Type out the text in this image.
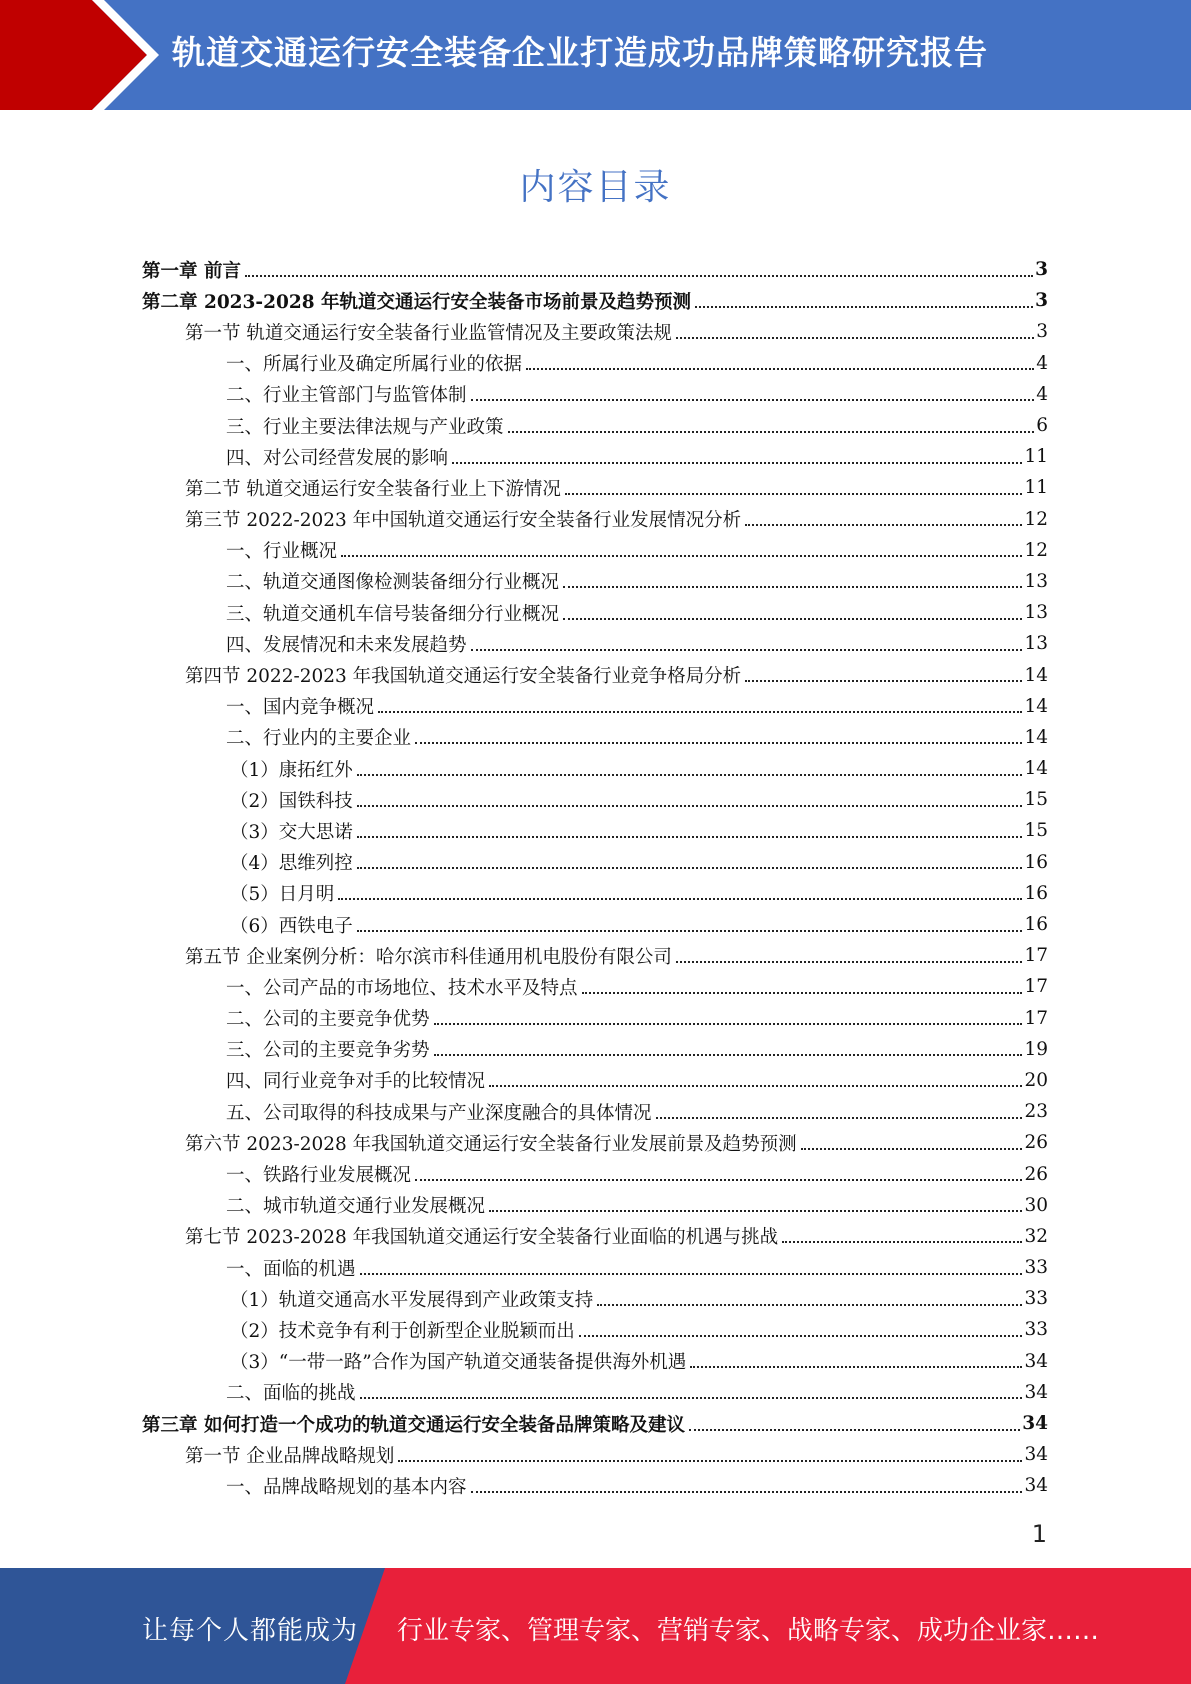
轨道交通运行安全装备企业打造成功品牌策略研究报告
内容目录
第一章 前言	3
第二章 2023-2028 年轨道交通运行安全装备市场前景及趋势预测	3
第一节 轨道交通运行安全装备行业监管情况及主要政策法规	3
一、所属行业及确定所属行业的依据	4
二、行业主管部门与监管体制	4
三、行业主要法律法规与产业政策	6
四、对公司经营发展的影响	11
第二节 轨道交通运行安全装备行业上下游情况	11
第三节 2022-2023 年中国轨道交通运行安全装备行业发展情况分析	12
一、行业概况	12
二、轨道交通图像检测装备细分行业概况	13
三、轨道交通机车信号装备细分行业概况	13
四、发展情况和未来发展趋势	13
第四节 2022-2023 年我国轨道交通运行安全装备行业竞争格局分析	14
一、国内竞争概况	14
二、行业内的主要企业	14
（1）康拓红外	14
（2）国铁科技	15
（3）交大思诺	15
（4）思维列控	16
（5）日月明	16
（6）西铁电子	16
第五节 企业案例分析：哈尔滨市科佳通用机电股份有限公司	17
一、公司产品的市场地位、技术水平及特点	17
二、公司的主要竞争优势	17
三、公司的主要竞争劣势	19
四、同行业竞争对手的比较情况	20
五、公司取得的科技成果与产业深度融合的具体情况	23
第六节 2023-2028 年我国轨道交通运行安全装备行业发展前景及趋势预测	26
一、铁路行业发展概况	26
二、城市轨道交通行业发展概况	30
第七节 2023-2028 年我国轨道交通运行安全装备行业面临的机遇与挑战	32
一、面临的机遇	33
（1）轨道交通高水平发展得到产业政策支持	33
（2）技术竞争有利于创新型企业脱颖而出	33
（3）“一带一路”合作为国产轨道交通装备提供海外机遇	34
二、面临的挑战	34
第三章 如何打造一个成功的轨道交通运行安全装备品牌策略及建议	34
第一节 企业品牌战略规划	34
一、品牌战略规划的基本内容	34
1
让每个人都能成为 行业专家、管理专家、营销专家、战略专家、成功企业家……
